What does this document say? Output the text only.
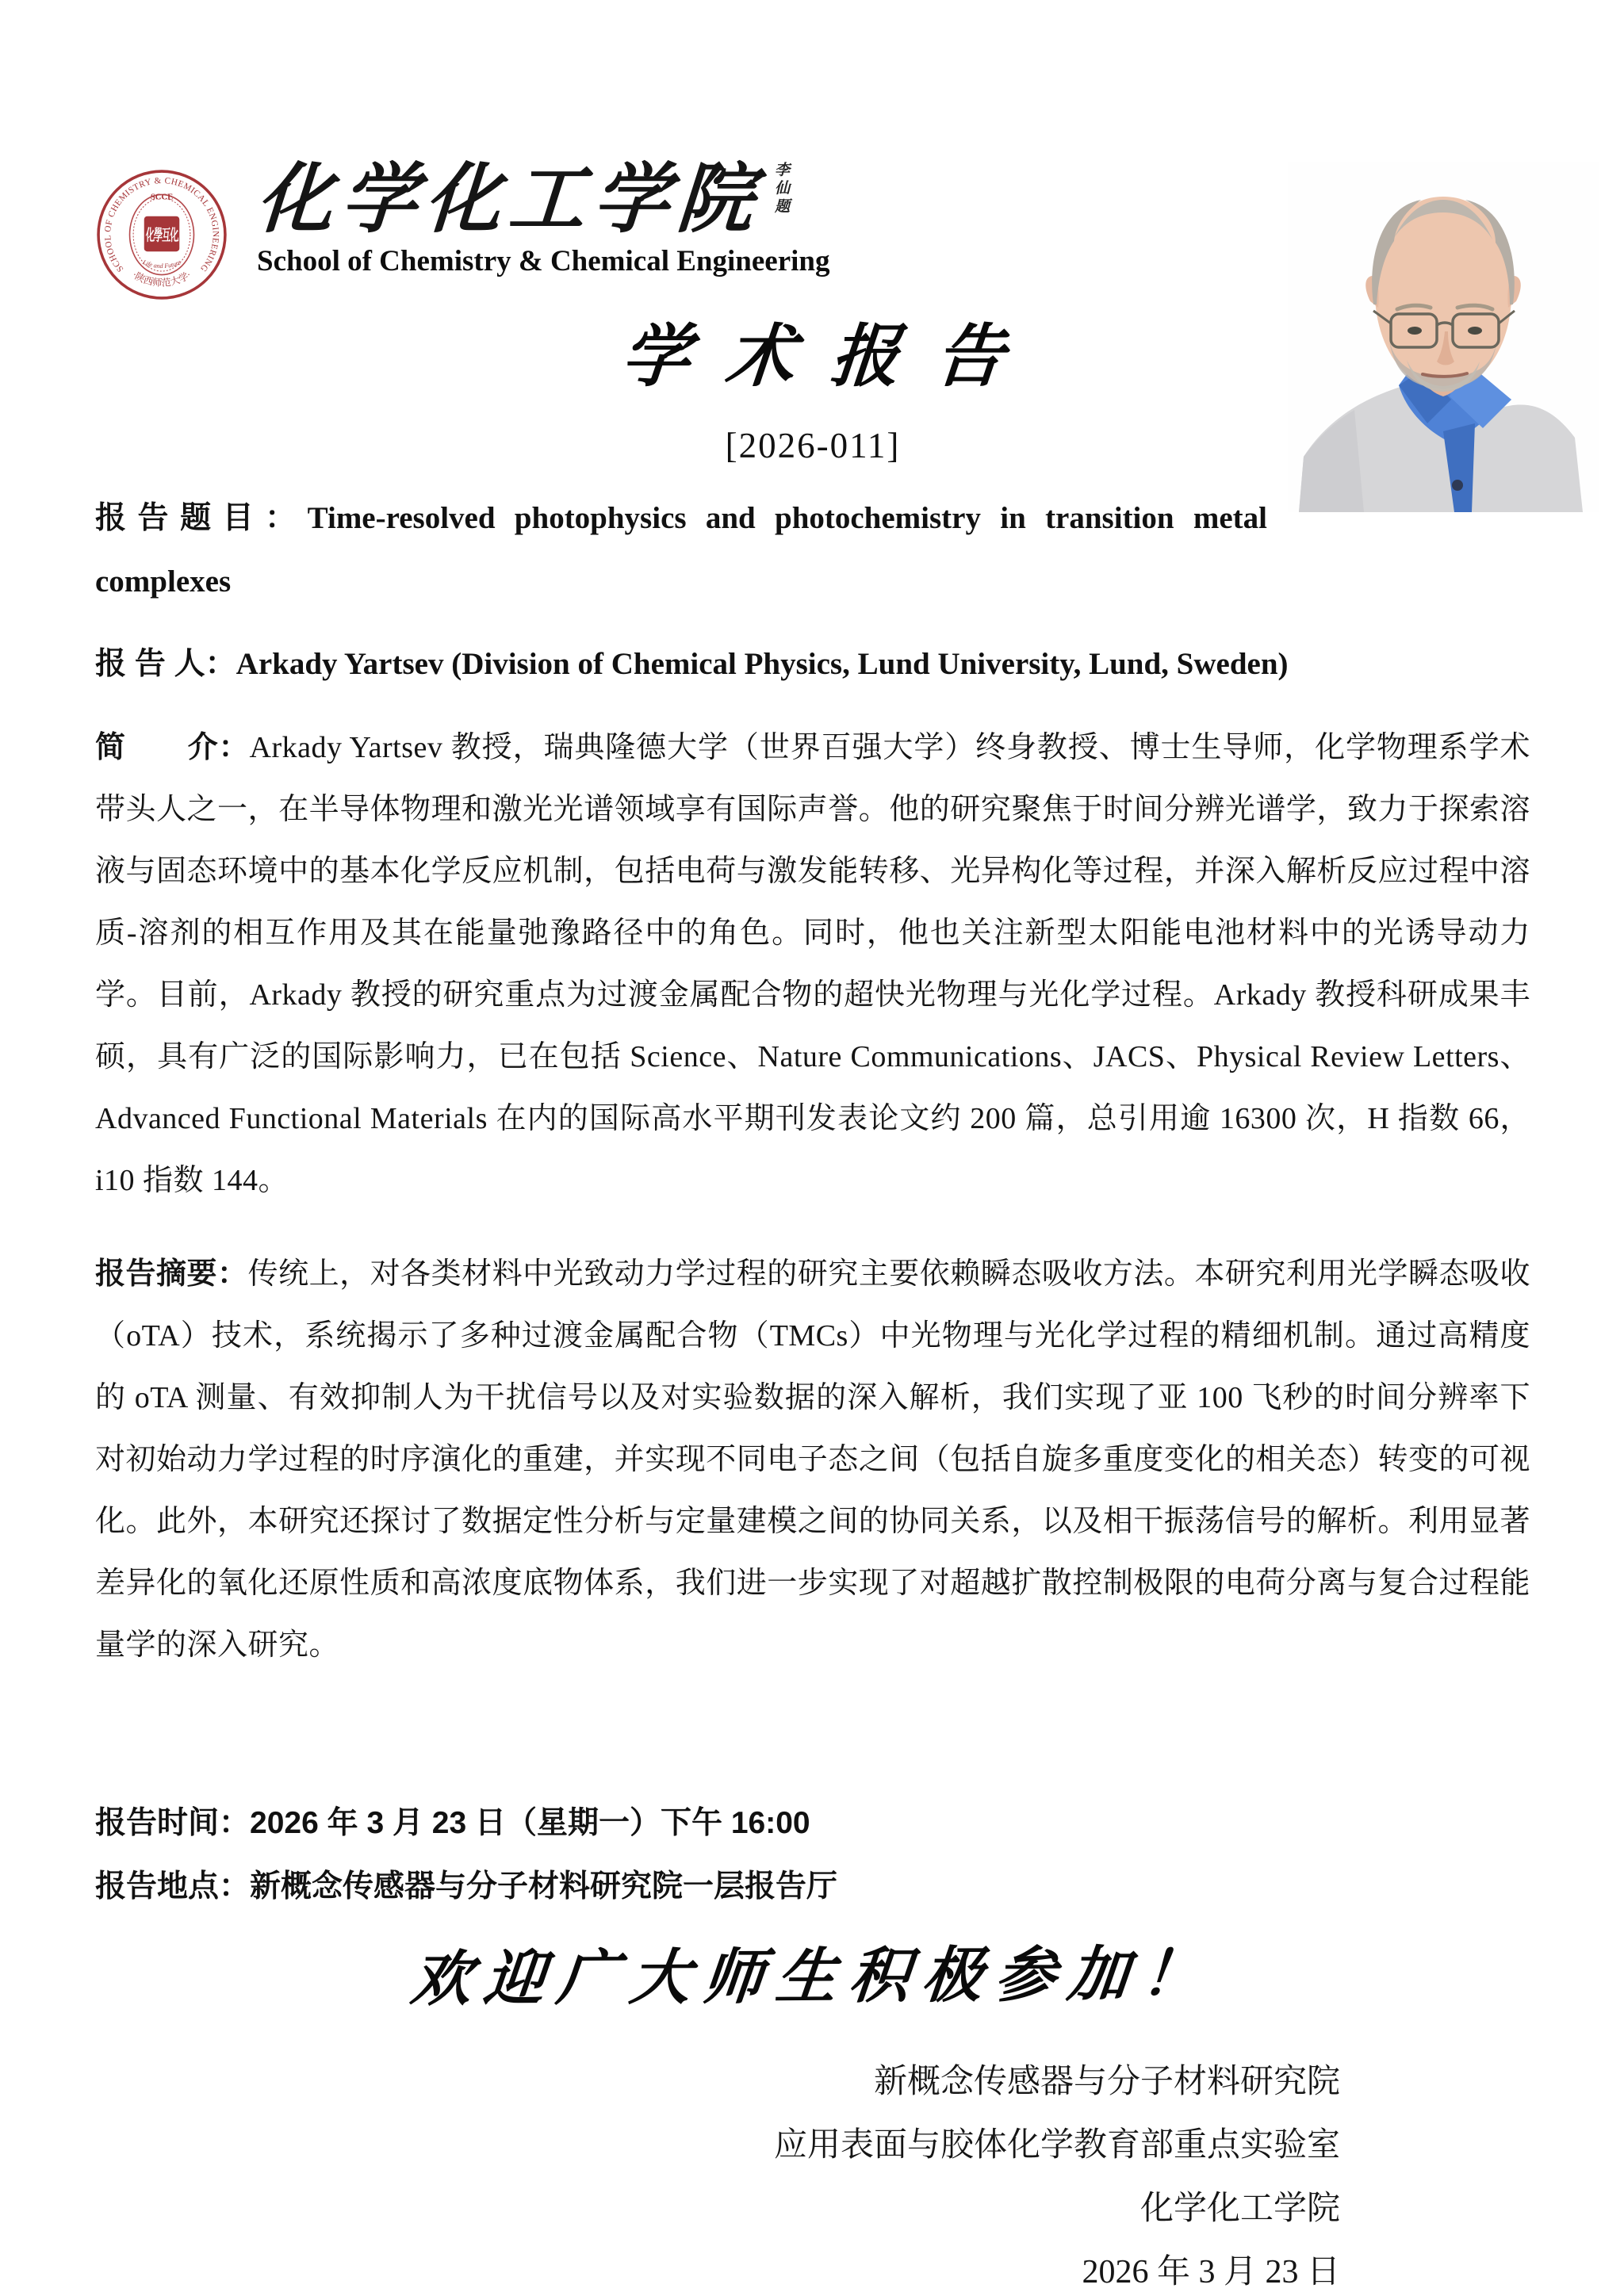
SCHOOL OF CHEMISTRY & CHEMICAL ENGINEERING
·陕西师范大学·
SCCE
化學互化
Life and Future
化学化工学院 李仙题
School of Chemistry & Chemical Engineering
学术报告
[2026-011]

报告题目：Time-resolved photophysics and photochemistry in transition metal

complexes

报 告 人：Arkady Yartsev (Division of Chemical Physics, Lund University, Lund, Sweden)

简　　介：Arkady Yartsev 教授，瑞典隆德大学（世界百强大学）终身教授、博士生导师，化学物理系学术带头人之一，在半导体物理和激光光谱领域享有国际声誉。他的研究聚焦于时间分辨光谱学，致力于探索溶液与固态环境中的基本化学反应机制，包括电荷与激发能转移、光异构化等过程，并深入解析反应过程中溶质-溶剂的相互作用及其在能量弛豫路径中的角色。同时，他也关注新型太阳能电池材料中的光诱导动力学。目前，Arkady 教授的研究重点为过渡金属配合物的超快光物理与光化学过程。Arkady 教授科研成果丰硕，具有广泛的国际影响力，已在包括 Science、Nature Communications、JACS、Physical Review Letters、Advanced Functional Materials 在内的国际高水平期刊发表论文约 200 篇，总引用逾 16300 次，H 指数 66，i10 指数 144。

报告摘要：传统上，对各类材料中光致动力学过程的研究主要依赖瞬态吸收方法。本研究利用光学瞬态吸收（oTA）技术，系统揭示了多种过渡金属配合物（TMCs）中光物理与光化学过程的精细机制。通过高精度的 oTA 测量、有效抑制人为干扰信号以及对实验数据的深入解析，我们实现了亚 100 飞秒的时间分辨率下对初始动力学过程的时序演化的重建，并实现不同电子态之间（包括自旋多重度变化的相关态）转变的可视化。此外，本研究还探讨了数据定性分析与定量建模之间的协同关系，以及相干振荡信号的解析。利用显著差异化的氧化还原性质和高浓度底物体系，我们进一步实现了对超越扩散控制极限的电荷分离与复合过程能量学的深入研究。

报告时间：2026 年 3 月 23 日（星期一）下午 16:00

报告地点：新概念传感器与分子材料研究院一层报告厅

欢迎广大师生积极参加！
新概念传感器与分子材料研究院
应用表面与胶体化学教育部重点实验室
化学化工学院
2026 年 3 月 23 日
